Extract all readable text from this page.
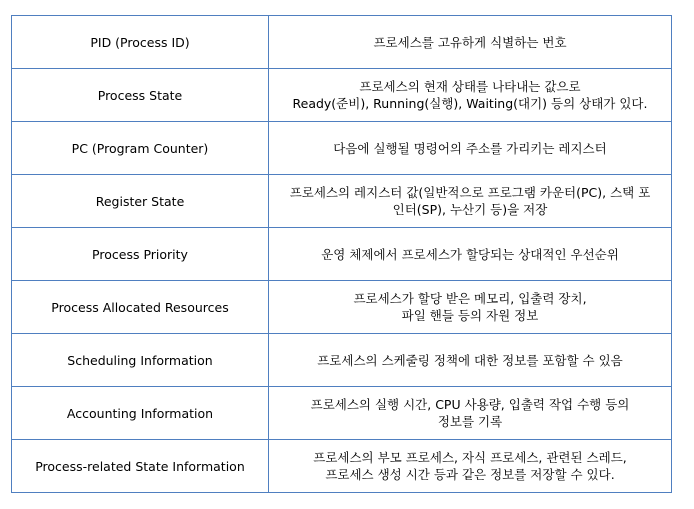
PID (Process ID)	프로세스를 고유하게 식별하는 번호

Process State	프로세스의 현재 상태를 나타내는 값으로
Ready(준비), Running(실행), Waiting(대기) 등의 상태가 있다.

PC (Program Counter)	다음에 실행될 명령어의 주소를 가리키는 레지스터

Register State	프로세스의 레지스터 값(일반적으로 프로그램 카운터(PC), 스택 포
인터(SP), 누산기 등)을 저장

Process Priority	운영 체제에서 프로세스가 할당되는 상대적인 우선순위

Process Allocated Resources	프로세스가 할당 받은 메모리, 입출력 장치,
파일 핸들 등의 자원 정보

Scheduling Information	프로세스의 스케줄링 정책에 대한 정보를 포함할 수 있음

Accounting Information	프로세스의 실행 시간, CPU 사용량, 입출력 작업 수행 등의
정보를 기록

Process-related State Information	프로세스의 부모 프로세스, 자식 프로세스, 관련된 스레드,
프로세스 생성 시간 등과 같은 정보를 저장할 수 있다.
